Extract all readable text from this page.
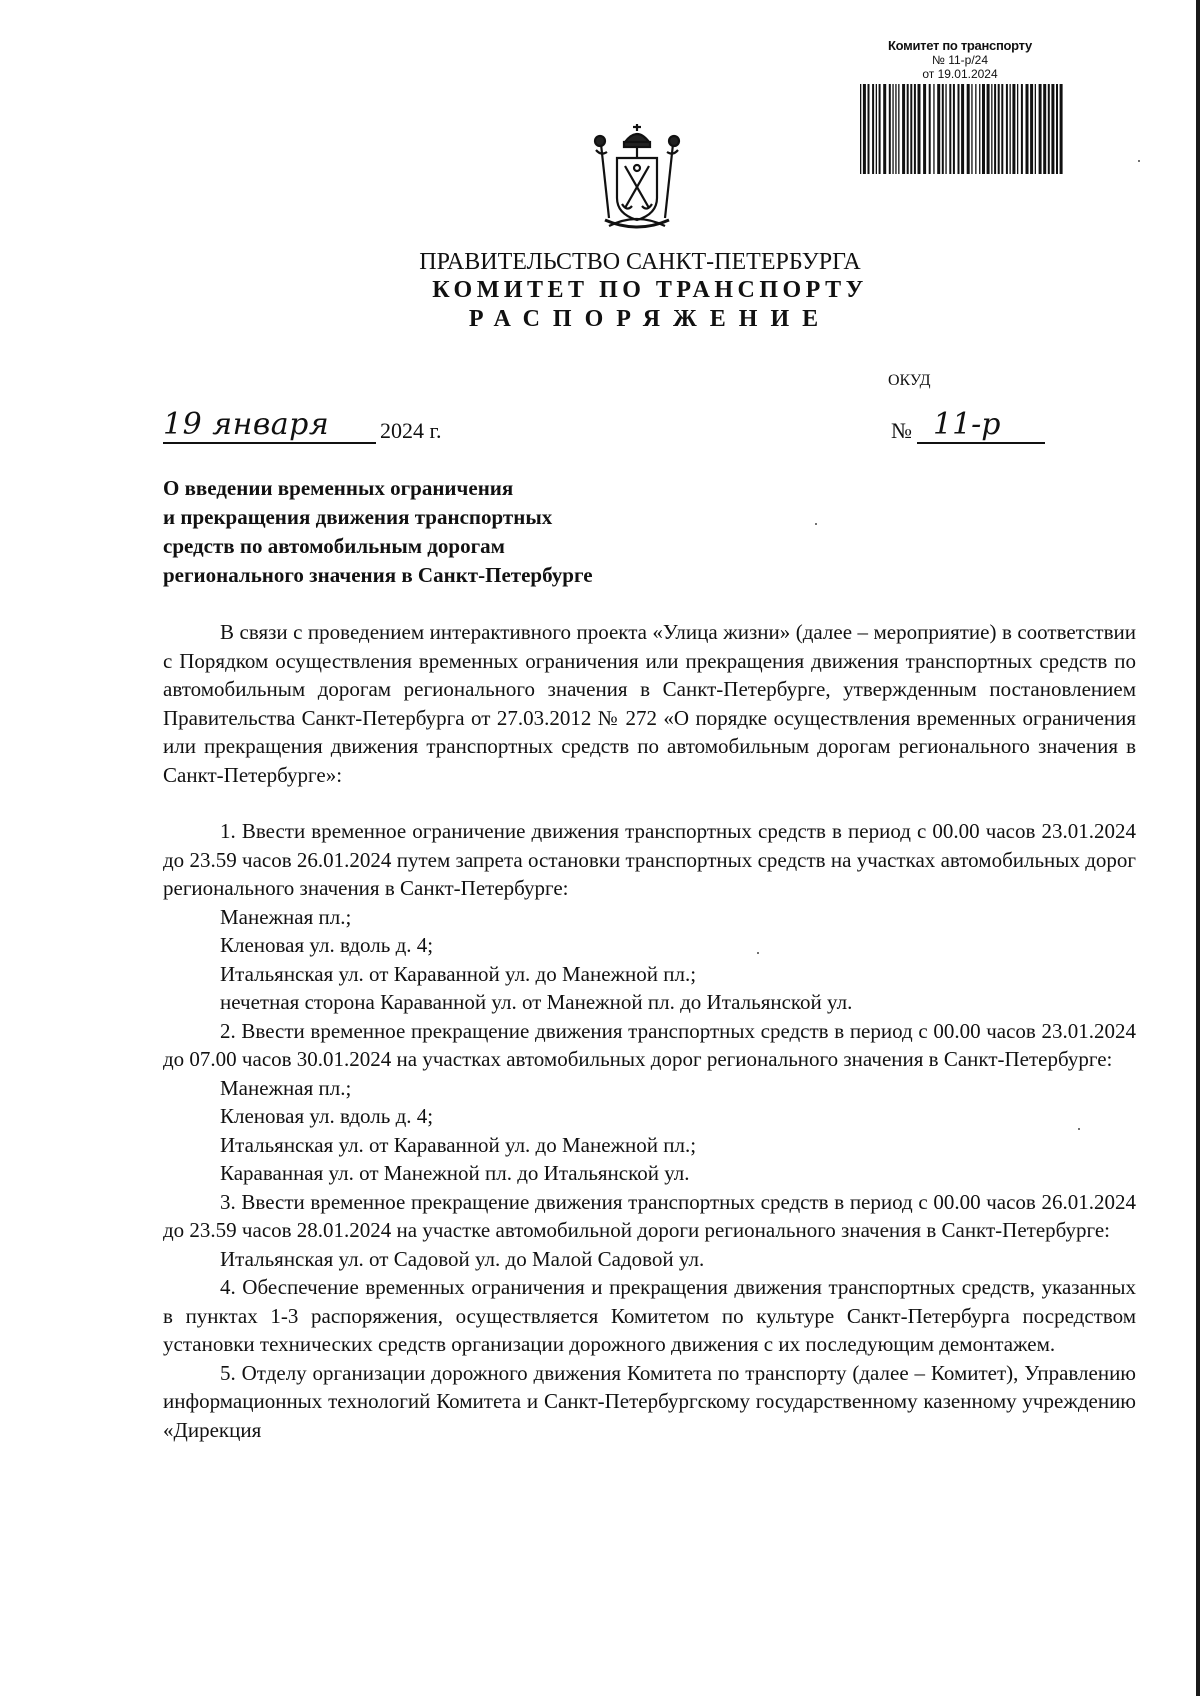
Комитет по транспорту
№ 11-р/24
от 19.01.2024
ПРАВИТЕЛЬСТВО САНКТ-ПЕТЕРБУРГА
КОМИТЕТ ПО ТРАНСПОРТУ
РАСПОРЯЖЕНИЕ
ОКУД
19 января	2024 г.	№ 11-р
О введении временных ограничения
и прекращения движения транспортных
средств по автомобильным дорогам
регионального значения в Санкт-Петербурге

В связи с проведением интерактивного проекта «Улица жизни» (далее – мероприятие) в соответствии с Порядком осуществления временных ограничения или прекращения движения транспортных средств по автомобильным дорогам регионального значения в Санкт-Петербурге, утвержденным постановлением Правительства Санкт-Петербурга от 27.03.2012 № 272 «О порядке осуществления временных ограничения или прекращения движения транспортных средств по автомобильным дорогам регионального значения в Санкт-Петербурге»:

1. Ввести временное ограничение движения транспортных средств в период с 00.00 часов 23.01.2024 до 23.59 часов 26.01.2024 путем запрета остановки транспортных средств на участках автомобильных дорог регионального значения в Санкт-Петербурге:

Манежная пл.;

Кленовая ул. вдоль д. 4;

Итальянская ул. от Караванной ул. до Манежной пл.;

нечетная сторона Караванной ул. от Манежной пл. до Итальянской ул.

2. Ввести временное прекращение движения транспортных средств в период с 00.00 часов 23.01.2024 до 07.00 часов 30.01.2024 на участках автомобильных дорог регионального значения в Санкт-Петербурге:

Манежная пл.;

Кленовая ул. вдоль д. 4;

Итальянская ул. от Караванной ул. до Манежной пл.;

Караванная ул. от Манежной пл. до Итальянской ул.

3. Ввести временное прекращение движения транспортных средств в период с 00.00 часов 26.01.2024 до 23.59 часов 28.01.2024 на участке автомобильной дороги регионального значения в Санкт-Петербурге:

Итальянская ул. от Садовой ул. до Малой Садовой ул.

4. Обеспечение временных ограничения и прекращения движения транспортных средств, указанных в пунктах 1-3 распоряжения, осуществляется Комитетом по культуре Санкт-Петербурга посредством установки технических средств организации дорожного движения с их последующим демонтажем.

5. Отделу организации дорожного движения Комитета по транспорту (далее – Комитет), Управлению информационных технологий Комитета и Санкт-Петербургскому государственному казенному учреждению «Дирекция
